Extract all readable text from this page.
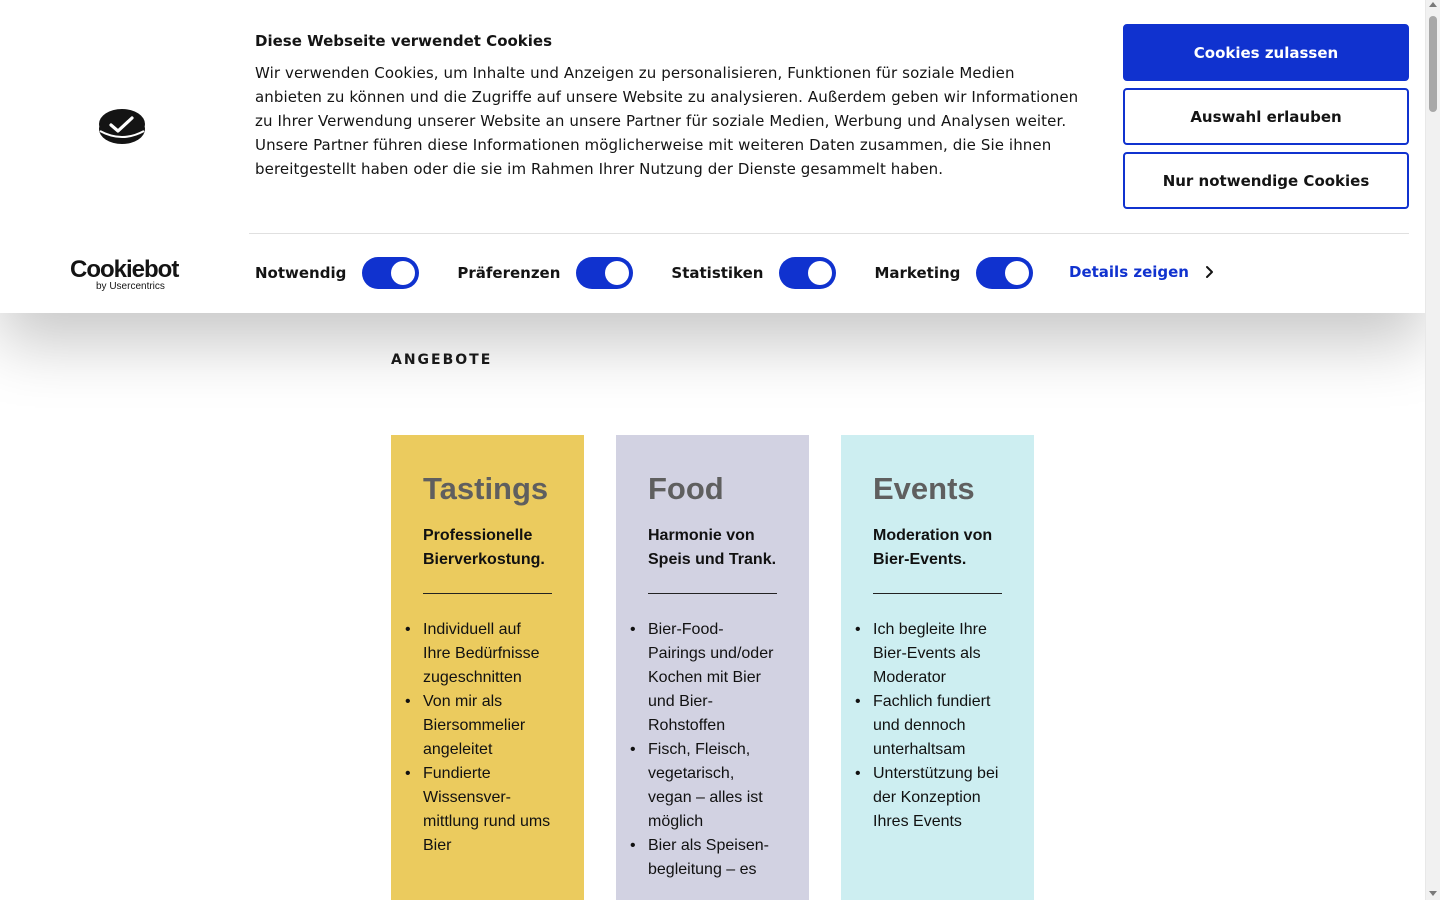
ANGEBOTE
Tastings
Professionelle Bierverkostung.
• Individuell auf Ihre Bedürfnisse zugeschnitten
• Von mir als Biersommelier angeleitet
• Fundierte Wissensver-mittlung rund ums Bier
Food
Harmonie von Speis und Trank.
• Bier-Food-Pairings und/oder Kochen mit Bier und Bier-Rohstoffen
• Fisch, Fleisch, vegetarisch, vegan – alles ist möglich
• Bier als Speisen-begleitung – es
Events
Moderation von Bier-Events.
• Ich begleite Ihre Bier-Events als Moderator
• Fachlich fundiert und dennoch unterhaltsam
• Unterstützung bei der Konzeption Ihres Events
Diese Webseite verwendet Cookies
Wir verwenden Cookies, um Inhalte und Anzeigen zu personalisieren, Funktionen für soziale Medien anbieten zu können und die Zugriffe auf unsere Website zu analysieren. Außerdem geben wir Informationen zu Ihrer Verwendung unserer Website an unsere Partner für soziale Medien, Werbung und Analysen weiter. Unsere Partner führen diese Informationen möglicherweise mit weiteren Daten zusammen, die Sie ihnen bereitgestellt haben oder die sie im Rahmen Ihrer Nutzung der Dienste gesammelt haben.
Cookies zulassen
Auswahl erlauben
Nur notwendige Cookies
Cookiebot
by Usercentrics
Notwendig	Präferenzen	Statistiken	Marketing	Details zeigen
